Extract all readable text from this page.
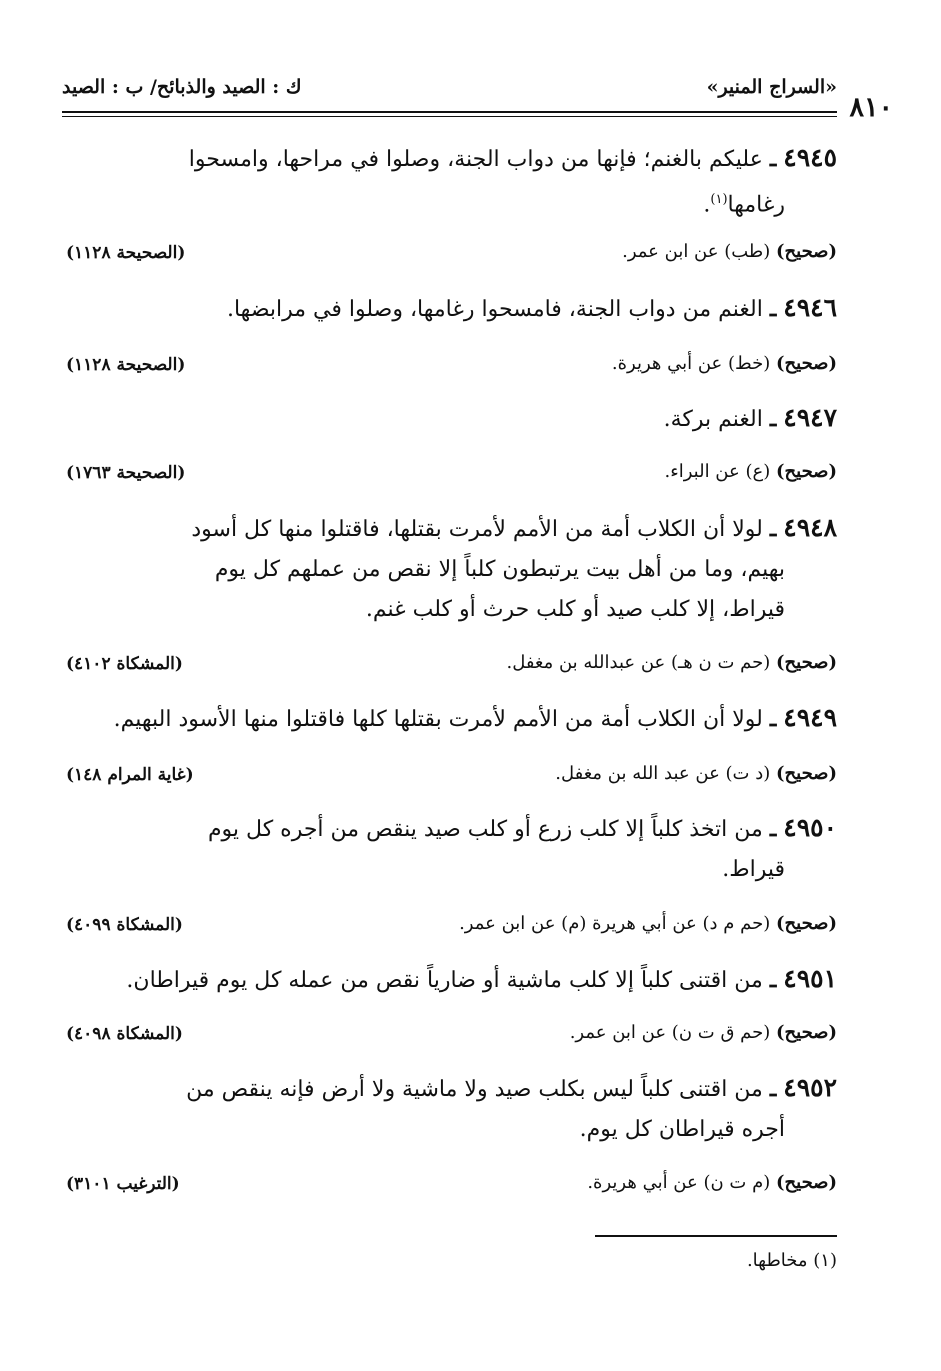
«السراج المنير»
ك : الصيد والذبائح/ ب : الصيد
٨١٠
٤٩٤٥ ـ عليكم بالغنم؛ فإنها من دواب الجنة، وصلوا في مراحها، وامسحوا
رغامها$^{(١)}$.
(صحيح) (طب) عن ابن عمر.
(الصحيحة ١١٢٨)
٤٩٤٦ ـ الغنم من دواب الجنة، فامسحوا رغامها، وصلوا في مرابضها.
(صحيح) (خط) عن أبي هريرة.
(الصحيحة ١١٢٨)
٤٩٤٧ ـ الغنم بركة.
(صحيح) (ع) عن البراء.
(الصحيحة ١٧٦٣)
٤٩٤٨ ـ لولا أن الكلاب أمة من الأمم لأمرت بقتلها، فاقتلوا منها كل أسود
بهيم، وما من أهل بيت يرتبطون كلباً إلا نقص من عملهم كل يوم
قيراط، إلا كلب صيد أو كلب حرث أو كلب غنم.
(صحيح) (حم ت ن هـ) عن عبدالله بن مغفل.
(المشكاة ٤١٠٢)
٤٩٤٩ ـ لولا أن الكلاب أمة من الأمم لأمرت بقتلها كلها فاقتلوا منها الأسود البهيم.
(صحيح) (د ت) عن عبد الله بن مغفل.
(غاية المرام ١٤٨)
٤٩٥٠ ـ من اتخذ كلباً إلا كلب زرع أو كلب صيد ينقص من أجره كل يوم
قيراط.
(صحيح) (حم م د) عن أبي هريرة (م) عن ابن عمر.
(المشكاة ٤٠٩٩)
٤٩٥١ ـ من اقتنى كلباً إلا كلب ماشية أو ضارياً نقص من عمله كل يوم قيراطان.
(صحيح) (حم ق ت ن) عن ابن عمر.
(المشكاة ٤٠٩٨)
٤٩٥٢ ـ من اقتنى كلباً ليس بكلب صيد ولا ماشية ولا أرض فإنه ينقص من
أجره قيراطان كل يوم.
(صحيح) (م ت ن) عن أبي هريرة.
(الترغيب ٣١٠١)
(١) مخاطها.
